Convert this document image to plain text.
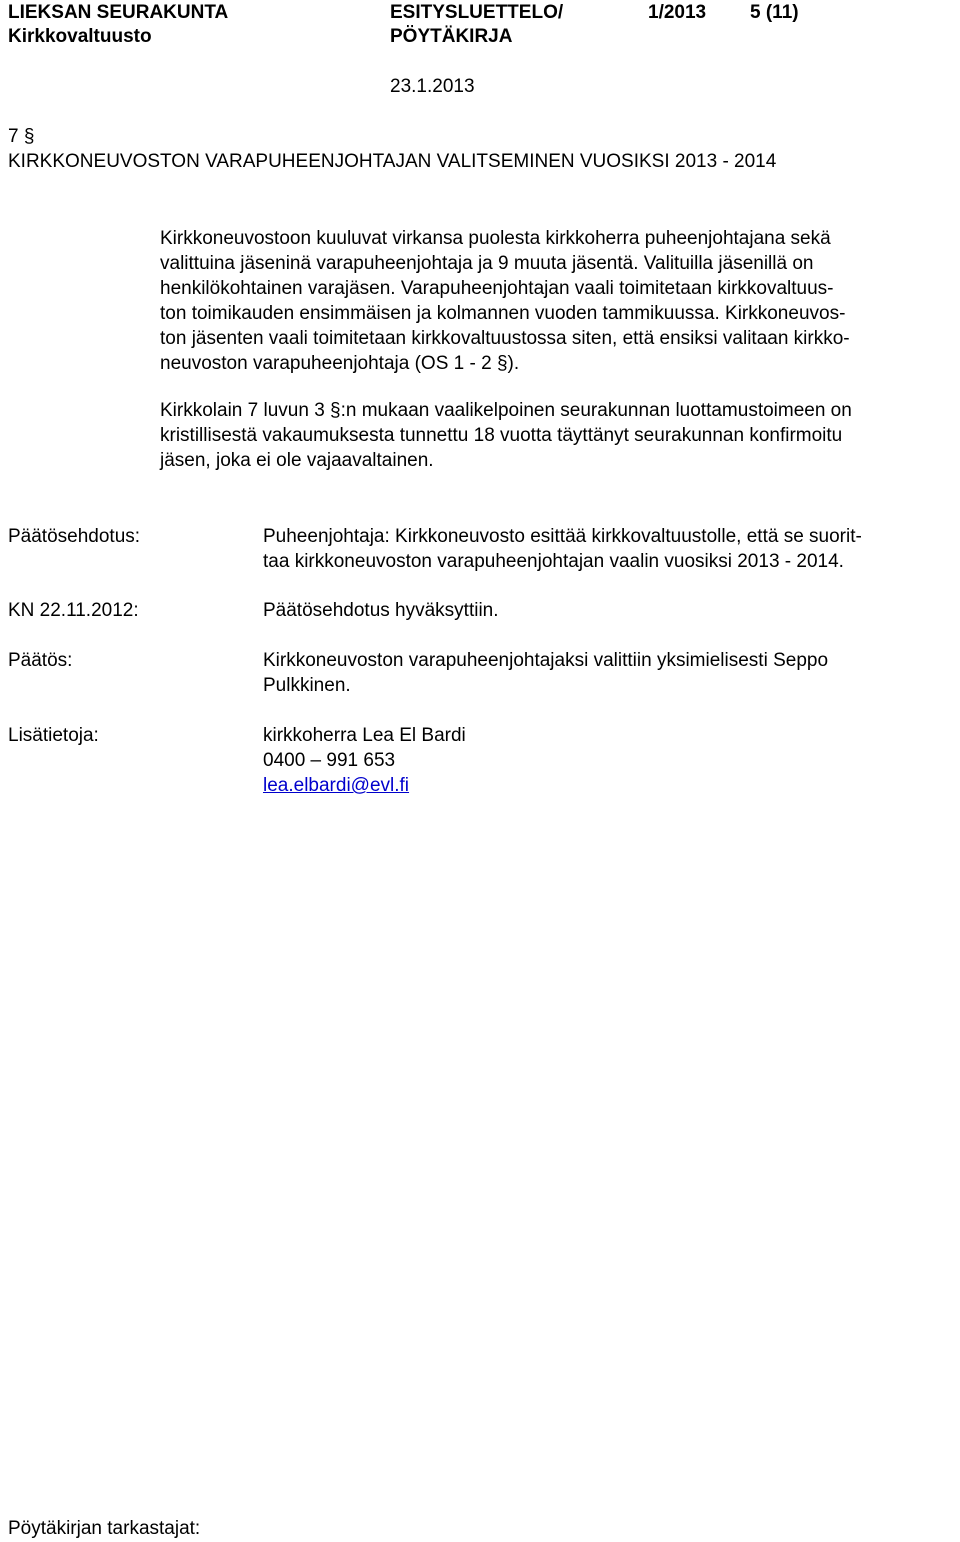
LIEKSAN SEURAKUNTA
Kirkkovaltuusto
ESITYSLUETTELO/
PÖYTÄKIRJA
1/2013 5 (11)
23.1.2013
7 §
KIRKKONEUVOSTON VARAPUHEENJOHTAJAN VALITSEMINEN VUOSIKSI 2013 - 2014
Kirkkoneuvostoon kuuluvat virkansa puolesta kirkkoherra puheenjohtajana sekä
valittuina jäseninä varapuheenjohtaja ja 9 muuta jäsentä. Valituilla jäsenillä on
henkilökohtainen varajäsen. Varapuheenjohtajan vaali toimitetaan kirkkovaltuus-
ton toimikauden ensimmäisen ja kolmannen vuoden tammikuussa. Kirkkoneuvos-
ton jäsenten vaali toimitetaan kirkkovaltuustossa siten, että ensiksi valitaan kirkko-
neuvoston varapuheenjohtaja (OS 1 - 2 §).
Kirkkolain 7 luvun 3 §:n mukaan vaalikelpoinen seurakunnan luottamustoimeen on
kristillisestä vakaumuksesta tunnettu 18 vuotta täyttänyt seurakunnan konfirmoitu
jäsen, joka ei ole vajaavaltainen.
Päätösehdotus:	Puheenjohtaja: Kirkkoneuvosto esittää kirkkovaltuustolle, että se suorit-
taa kirkkoneuvoston varapuheenjohtajan vaalin vuosiksi 2013 - 2014.
KN 22.11.2012:	Päätösehdotus hyväksyttiin.
Päätös:	Kirkkoneuvoston varapuheenjohtajaksi valittiin yksimielisesti Seppo
Pulkkinen.
Lisätietoja:	kirkkoherra Lea El Bardi
0400 – 991 653
lea.elbardi@evl.fi
Pöytäkirjan tarkastajat:
